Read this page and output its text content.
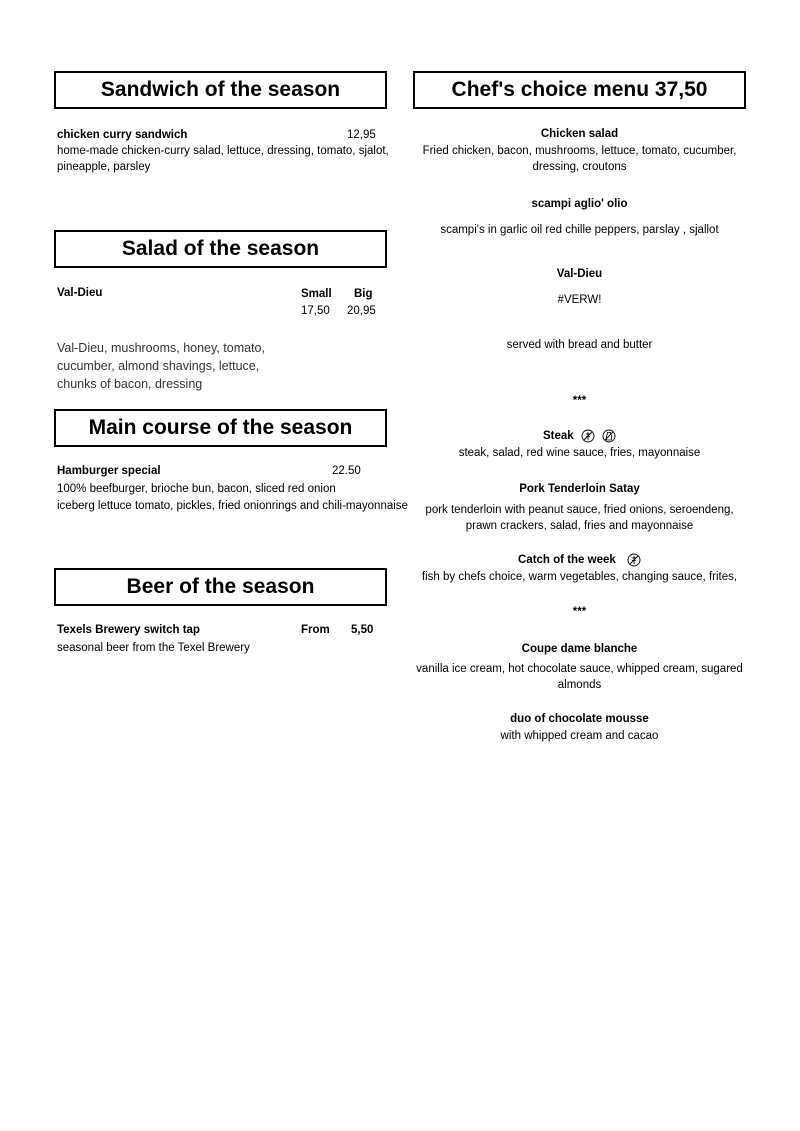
Sandwich of the season
chicken curry sandwich	12,95
home-made chicken-curry salad, lettuce, dressing, tomato, sjalot,
pineapple, parsley
Salad of the season
Val-Dieu	Small Big
17,50 20,95
Val-Dieu, mushrooms, honey, tomato,
cucumber, almond shavings, lettuce,
chunks of bacon, dressing
Main course of the season
Hamburger special	22.50
100% beefburger, brioche bun, bacon, sliced red onion
iceberg lettuce tomato, pickles, fried onionrings and chili-mayonnaise
Beer of the season
Texels Brewery switch tap	From 5,50
seasonal beer from the Texel Brewery
Chef's choice menu 37,50
Chicken salad
Fried chicken, bacon, mushrooms, lettuce, tomato, cucumber,
dressing, croutons
scampi aglio' olio
scampi's in garlic oil red chille peppers, parslay , sjallot
Val-Dieu
#VERW!
served with bread and butter
***
Steak
steak, salad, red wine sauce, fries, mayonnaise
Pork Tenderloin Satay
pork tenderloin with peanut sauce, fried onions, seroendeng,
prawn crackers, salad, fries and mayonnaise
Catch of the week
fish by chefs choice, warm vegetables, changing sauce, frites,
***
Coupe dame blanche
vanilla ice cream, hot chocolate sauce, whipped cream, sugared
almonds
duo of chocolate mousse
with whipped cream and cacao
